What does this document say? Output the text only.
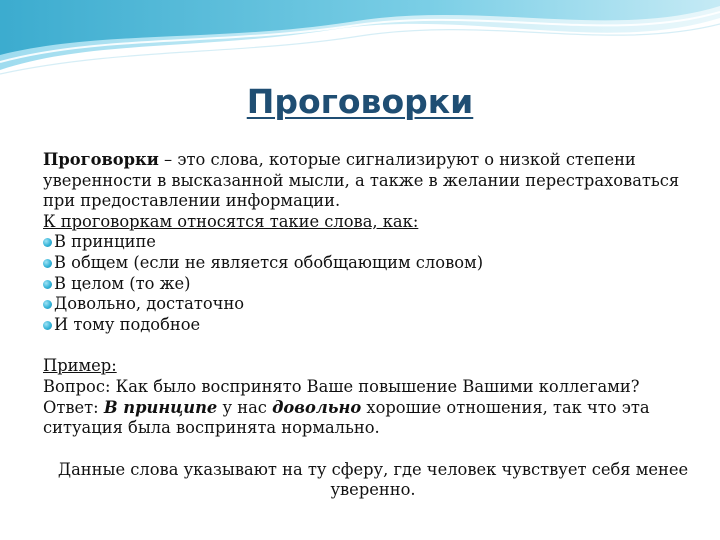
Проговорки

Проговорки – это слова, которые сигнализируют о низкой степени уверенности в высказанной мысли, а также в желании перестраховаться при предоставлении информации.

К проговоркам относятся такие слова, как:

В принципе
В общем (если не является обобщающим словом)
В целом (то же)
Довольно, достаточно
И тому подобное

Пример:

Вопрос: Как было воспринято Ваше повышение Вашими коллегами?

Ответ: В принципе у нас довольно хорошие отношения, так что эта ситуация была воспринята нормально.

Данные слова указывают на ту сферу, где человек чувствует себя менее уверенно.
